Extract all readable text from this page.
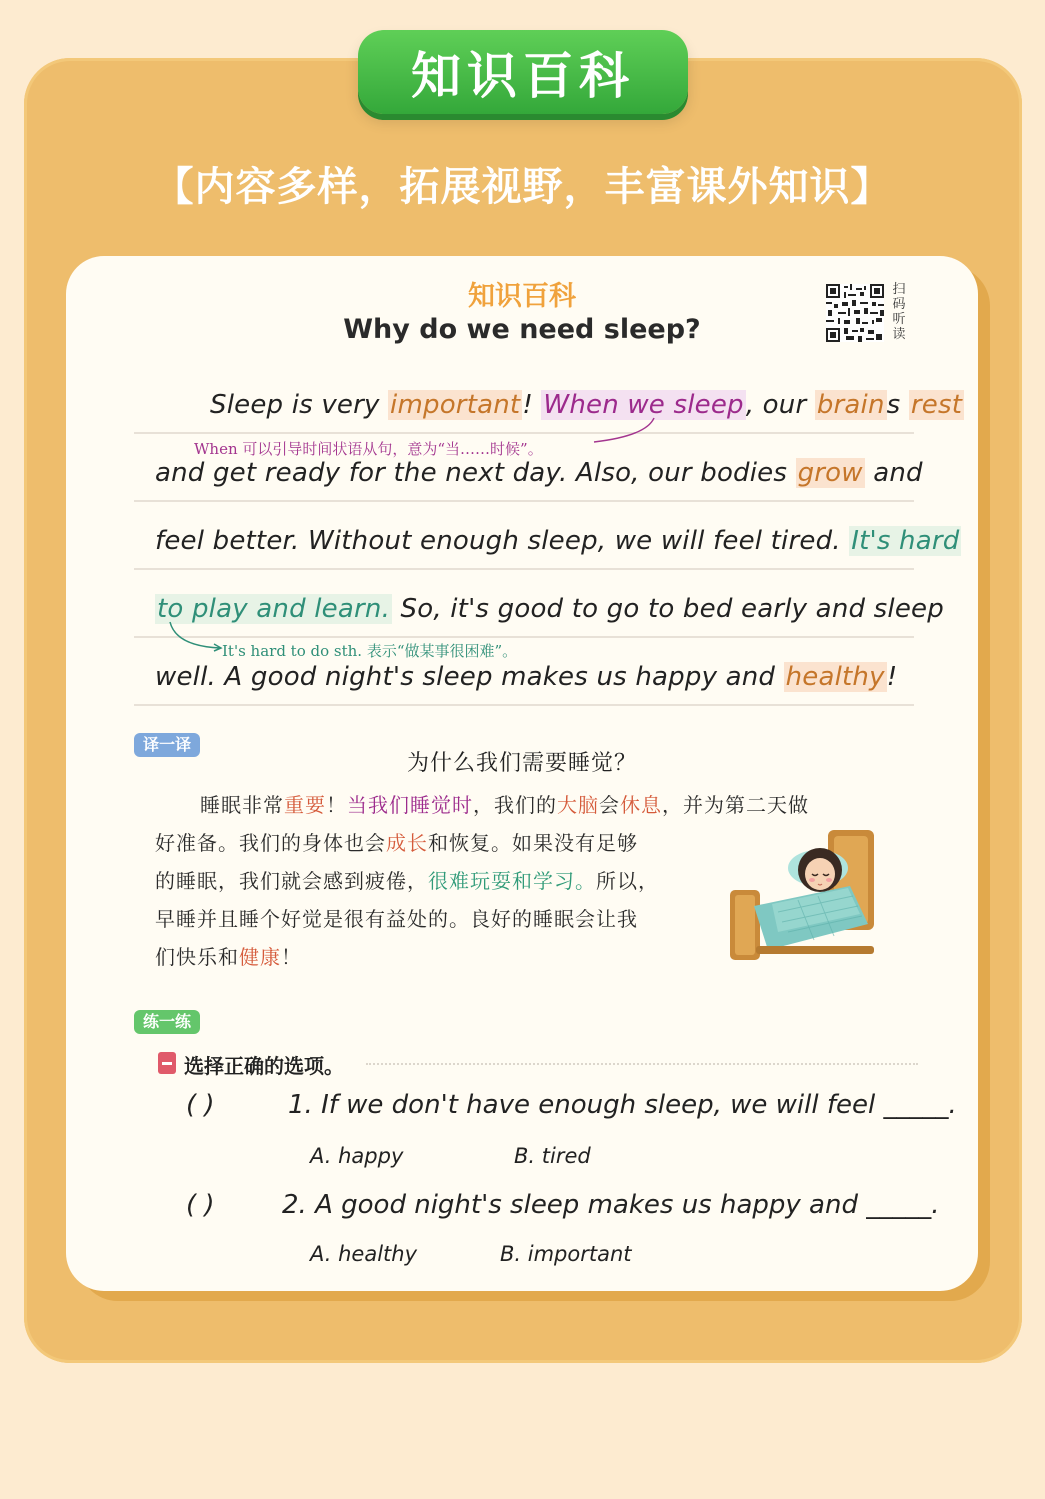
知识百科
【内容多样，拓展视野，丰富课外知识】
知识百科
Why do we need sleep?
扫码听读
Sleep is very important! When we sleep, our brains rest
When 可以引导时间状语从句，意为“当……时候”。
and get ready for the next day. Also, our bodies grow and
feel better. Without enough sleep, we will feel tired. It's hard
to play and learn. So, it's good to go to bed early and sleep
It's hard to do sth. 表示“做某事很困难”。
well. A good night's sleep makes us happy and healthy!
译一译
为什么我们需要睡觉？
睡眠非常重要！当我们睡觉时，我们的大脑会休息，并为第二天做
好准备。我们的身体也会成长和恢复。如果没有足够
的睡眠，我们就会感到疲倦，很难玩耍和学习。所以，
早睡并且睡个好觉是很有益处的。良好的睡眠会让我
们快乐和健康！
练一练
选择正确的选项。
( )	1. If we don't have enough sleep, we will feel _____.
A. happy	B. tired
( )	2. A good night's sleep makes us happy and _____.
A. healthy	B. important
